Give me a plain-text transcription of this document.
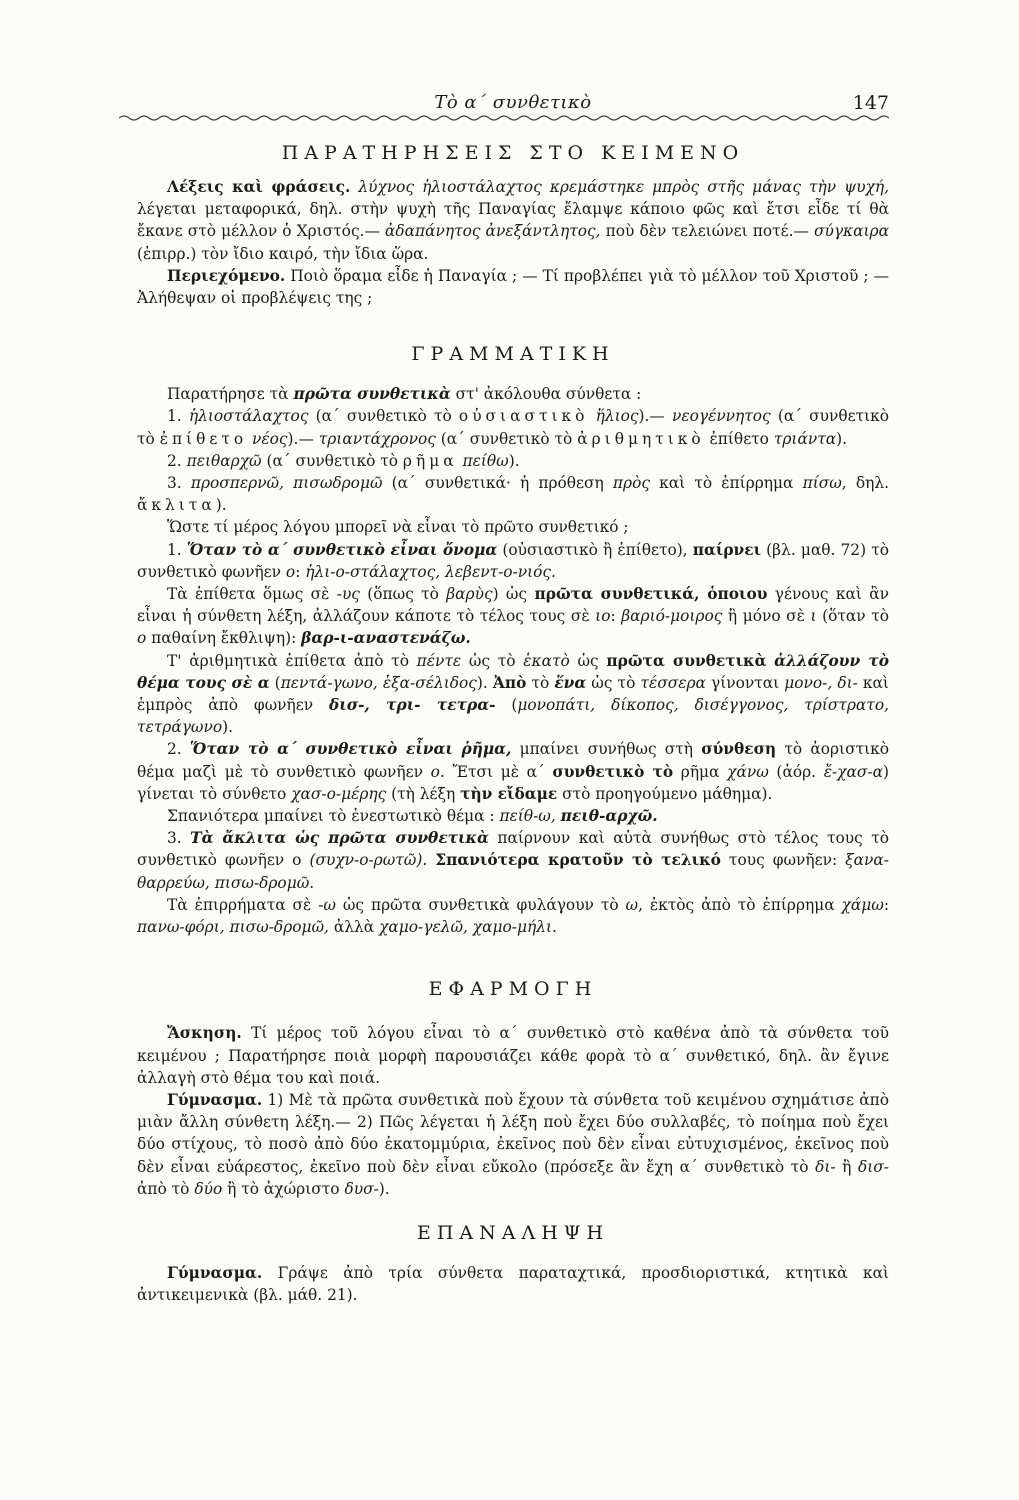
Τὸ α΄ συνθετικὸ	147
ΠΑΡΑΤΗΡΗΣΕΙΣ ΣΤΟ ΚΕΙΜΕΝΟ

Λέξεις καὶ φράσεις. λύχνος ἡλιοστάλαχτος κρεμάστηκε μπρὸς στῆς μάνας τὴν ψυχή, λέγεται μεταφορικά, δηλ. στὴν ψυχὴ τῆς Παναγίας ἔλαμψε κάποιο φῶς καὶ ἔτσι εἶδε τί θὰ ἔκανε στὸ μέλλον ὁ Χριστός.— ἀδαπάνητος ἀνεξάντλητος, ποὺ δὲν τελειώνει ποτέ.— σύγκαιρα (ἐπιρρ.) τὸν ἴδιο καιρό, τὴν ἴδια ὥρα.

Περιεχόμενο. Ποιὸ ὅραμα εἶδε ἡ Παναγία ; — Τί προβλέπει γιὰ τὸ μέλλον τοῦ Χριστοῦ ; —Ἀλήθεψαν οἱ προβλέψεις της ;

ΓΡΑΜΜΑΤΙΚΗ

Παρατήρησε τὰ πρῶτα συνθετικὰ στ' ἀκόλουθα σύνθετα :

1. ἡλιοστάλαχτος (α΄ συνθετικὸ τὸ οὐσιαστικὸ ἥλιος).— νεογέννητος (α΄ συνθετικὸ τὸ ἐπίθετο νέος).— τριαντάχρονος (α΄ συνθετικὸ τὸ ἀριθμητικὸ ἐπίθετο τριάντα).

2. πειθαρχῶ (α΄ συνθετικὸ τὸ ρῆμα πείθω).

3. προσπερνῶ, πισωδρομῶ (α΄ συνθετικά· ἡ πρόθεση πρὸς καὶ τὸ ἐπίρρημα πίσω, δηλ. ἄκλιτα).

Ὥστε τί μέρος λόγου μπορεῖ νὰ εἶναι τὸ πρῶτο συνθετικό ;

1. Ὅταν τὸ α΄ συνθετικὸ εἶναι ὄνομα (οὐσιαστικὸ ἢ ἐπίθετο), παίρνει (βλ. μαθ. 72) τὸ συνθετικὸ φωνῆεν ο: ἡλι-ο-στάλαχτος, λεβεντ-ο-νιός.

Τὰ ἐπίθετα ὅμως σὲ -υς (ὅπως τὸ βαρὺς) ὡς πρῶτα συνθετικά, ὁποιου γένους καὶ ἂν εἶναι ἡ σύνθετη λέξη, ἀλλάζουν κάποτε τὸ τέλος τους σὲ ιο: βαριό-μοιρος ἢ μόνο σὲ ι (ὅταν τὸ ο παθαίνη ἔκθλιψη): βαρ-ι-αναστενάζω.

Τ' ἀριθμητικὰ ἐπίθετα ἀπὸ τὸ πέντε ὡς τὸ ἑκατὸ ὡς πρῶτα συνθετικὰ ἀλλάζουν τὸ θέμα τους σὲ α (πεντά-γωνο, ἑξα-σέλιδος). Ἀπὸ τὸ ἕνα ὡς τὸ τέσσερα γίνονται μονο-, δι- καὶ ἐμπρὸς ἀπὸ φωνῆεν δισ-, τρι- τετρα- (μονοπάτι, δίκοπος, δισέγγονος, τρίστρατο, τετράγωνο).

2. Ὅταν τὸ α΄ συνθετικὸ εἶναι ῥῆμα, μπαίνει συνήθως στὴ σύνθεση τὸ ἀοριστικὸ θέμα μαζὶ μὲ τὸ συνθετικὸ φωνῆεν ο. Ἔτσι μὲ α΄ συνθετικὸ τὸ ρῆμα χάνω (ἀόρ. ἔ-χασ-α) γίνεται τὸ σύνθετο χασ-ο-μέρης (τὴ λέξη τὴν εἴδαμε στὸ προηγούμενο μάθημα).

Σπανιότερα μπαίνει τὸ ἐνεστωτικὸ θέμα : πείθ-ω, πειθ-αρχῶ.

3. Τὰ ἄκλιτα ὡς πρῶτα συνθετικὰ παίρνουν καὶ αὐτὰ συνήθως στὸ τέλος τους τὸ συνθετικὸ φωνῆεν ο (συχν-ο-ρωτῶ). Σπανιότερα κρατοῦν τὸ τελικό τους φωνῆεν: ξανα-θαρρεύω, πισω-δρομῶ.

Τὰ ἐπιρρήματα σὲ -ω ὡς πρῶτα συνθετικὰ φυλάγουν τὸ ω, ἐκτὸς ἀπὸ τὸ ἐπίρρημα χάμω: πανω-φόρι, πισω-δρομῶ, ἀλλὰ χαμο-γελῶ, χαμο-μήλι.

ΕΦΑΡΜΟΓΗ

Ἄσκηση. Τί μέρος τοῦ λόγου εἶναι τὸ α΄ συνθετικὸ στὸ καθένα ἀπὸ τὰ σύνθετα τοῦ κειμένου ; Παρατήρησε ποιὰ μορφὴ παρουσιάζει κάθε φορὰ τὸ α΄ συνθετικό, δηλ. ἂν ἔγινε ἀλλαγὴ στὸ θέμα του καὶ ποιά.

Γύμνασμα. 1) Μὲ τὰ πρῶτα συνθετικὰ ποὺ ἔχουν τὰ σύνθετα τοῦ κειμένου σχημάτισε ἀπὸ μιὰν ἄλλη σύνθετη λέξη.— 2) Πῶς λέγεται ἡ λέξη ποὺ ἔχει δύο συλλαβές, τὸ ποίημα ποὺ ἔχει δύο στίχους, τὸ ποσὸ ἀπὸ δύο ἑκατομμύρια, ἐκεῖνος ποὺ δὲν εἶναι εὐτυχισμένος, ἐκεῖνος ποὺ δὲν εἶναι εὐάρεστος, ἐκεῖνο ποὺ δὲν εἶναι εὔκολο (πρόσεξε ἂν ἔχη α΄ συνθετικὸ τὸ δι- ἢ δισ- ἀπὸ τὸ δύο ἢ τὸ ἀχώριστο δυσ-).

ΕΠΑΝΑΛΗΨΗ

Γύμνασμα. Γράψε ἀπὸ τρία σύνθετα παραταχτικά, προσδιοριστικά, κτητικὰ καὶ ἀντικειμενικὰ (βλ. μάθ. 21).
